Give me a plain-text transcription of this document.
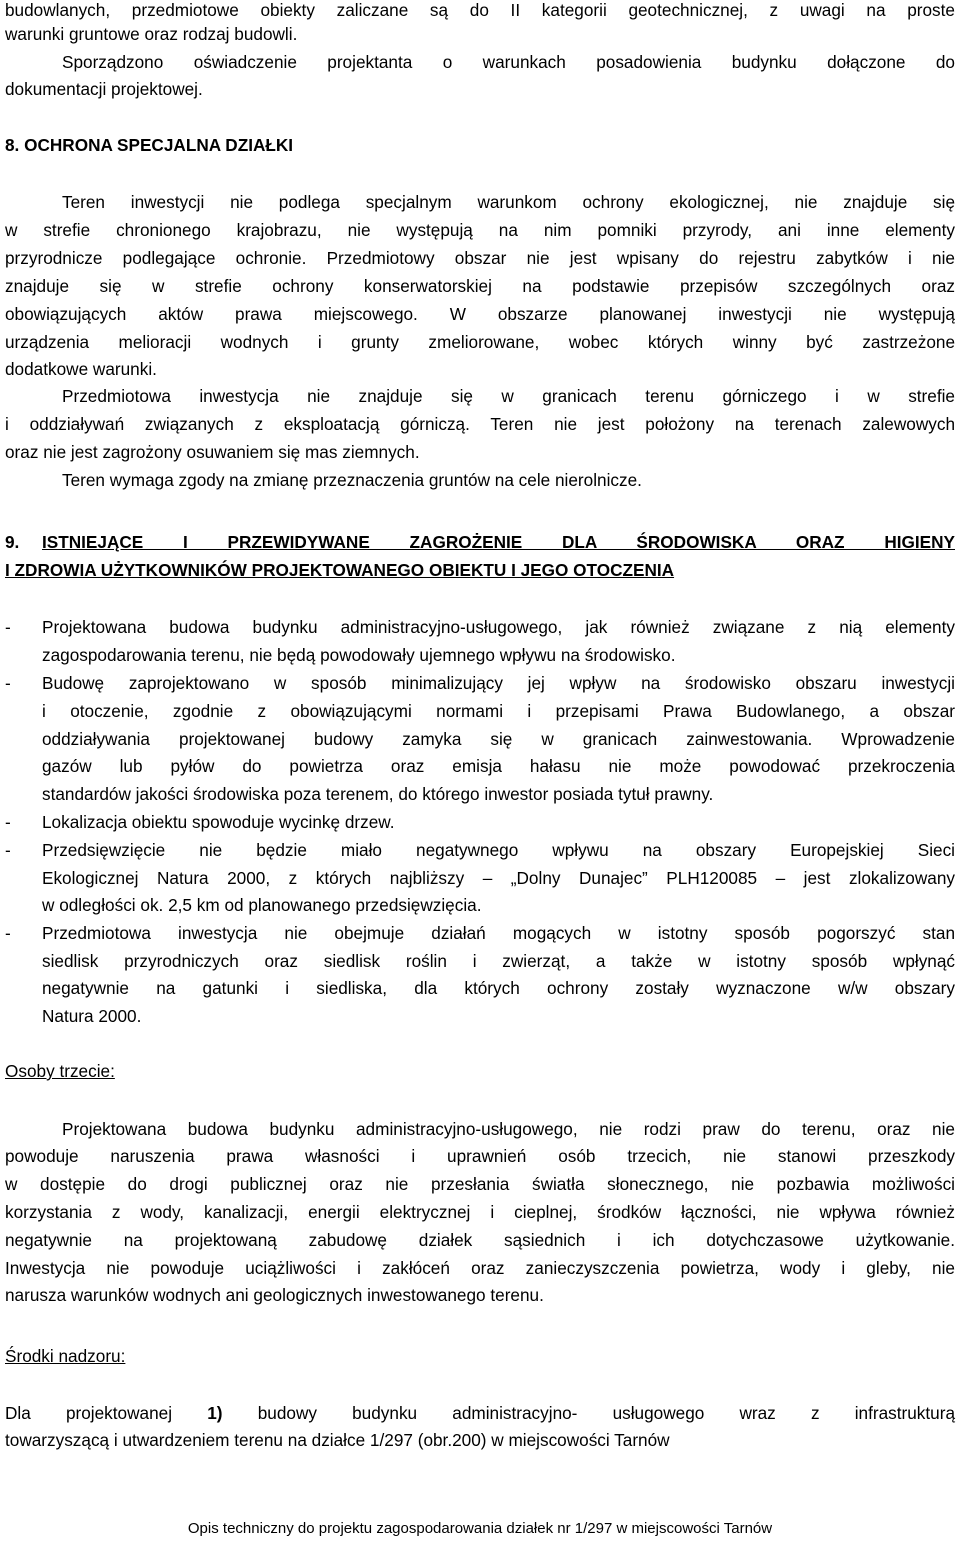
budowlanych, przedmiotowe obiekty zaliczane są do II kategorii geotechnicznej, z uwagi na proste
warunki gruntowe oraz rodzaj budowli.
Sporządzono oświadczenie projektanta o warunkach posadowienia budynku dołączone do
dokumentacji projektowej.
8. OCHRONA SPECJALNA DZIAŁKI
Teren inwestycji nie podlega specjalnym warunkom ochrony ekologicznej, nie znajduje się
w strefie chronionego krajobrazu, nie występują na nim pomniki przyrody, ani inne elementy
przyrodnicze podlegające ochronie. Przedmiotowy obszar nie jest wpisany do rejestru zabytków i nie
znajduje się w strefie ochrony konserwatorskiej na podstawie przepisów szczególnych oraz
obowiązujących aktów prawa miejscowego. W obszarze planowanej inwestycji nie występują
urządzenia melioracji wodnych i grunty zmeliorowane, wobec których winny być zastrzeżone
dodatkowe warunki.
Przedmiotowa inwestycja nie znajduje się w granicach terenu górniczego i w strefie
i oddziaływań związanych z eksploatacją górniczą. Teren nie jest położony na terenach zalewowych
oraz nie jest zagrożony osuwaniem się mas ziemnych.
Teren wymaga zgody na zmianę przeznaczenia gruntów na cele nierolnicze.
9.	ISTNIEJĄCE I PRZEWIDYWANE ZAGROŻENIE DLA ŚRODOWISKA ORAZ HIGIENY
I ZDROWIA UŻYTKOWNIKÓW PROJEKTOWANEGO OBIEKTU I JEGO OTOCZENIA
-	Projektowana budowa budynku administracyjno-usługowego, jak również związane z nią elementy
zagospodarowania terenu, nie będą powodowały ujemnego wpływu na środowisko.
-	Budowę zaprojektowano w sposób minimalizujący jej wpływ na środowisko obszaru inwestycji
i otoczenie, zgodnie z obowiązującymi normami i przepisami Prawa Budowlanego, a obszar
oddziaływania projektowanej budowy zamyka się w granicach zainwestowania. Wprowadzenie
gazów lub pyłów do powietrza oraz emisja hałasu nie może powodować przekroczenia
standardów jakości środowiska poza terenem, do którego inwestor posiada tytuł prawny.
-	Lokalizacja obiektu spowoduje wycinkę drzew.
-	Przedsięwzięcie nie będzie miało negatywnego wpływu na obszary Europejskiej Sieci
Ekologicznej Natura 2000, z których najbliższy – „Dolny Dunajec” PLH120085 – jest zlokalizowany
w odległości ok. 2,5 km od planowanego przedsięwzięcia.
-	Przedmiotowa inwestycja nie obejmuje działań mogących w istotny sposób pogorszyć stan
siedlisk przyrodniczych oraz siedlisk roślin i zwierząt, a także w istotny sposób wpłynąć
negatywnie na gatunki i siedliska, dla których ochrony zostały wyznaczone w/w obszary
Natura 2000.
Osoby trzecie:
Projektowana budowa budynku administracyjno-usługowego, nie rodzi praw do terenu, oraz nie
powoduje naruszenia prawa własności i uprawnień osób trzecich, nie stanowi przeszkody
w dostępie do drogi publicznej oraz nie przesłania światła słonecznego, nie pozbawia możliwości
korzystania z wody, kanalizacji, energii elektrycznej i cieplnej, środków łączności, nie wpływa również
negatywnie na projektowaną zabudowę działek sąsiednich i ich dotychczasowe użytkowanie.
Inwestycja nie powoduje uciążliwości i zakłóceń oraz zanieczyszczenia powietrza, wody i gleby, nie
narusza warunków wodnych ani geologicznych inwestowanego terenu.
Środki nadzoru:
Dla projektowanej 1) budowy budynku administracyjno- usługowego wraz z infrastrukturą
towarzyszącą i utwardzeniem terenu na działce 1/297 (obr.200) w miejscowości Tarnów
Opis techniczny do projektu zagospodarowania działek nr 1/297 w miejscowości Tarnów
